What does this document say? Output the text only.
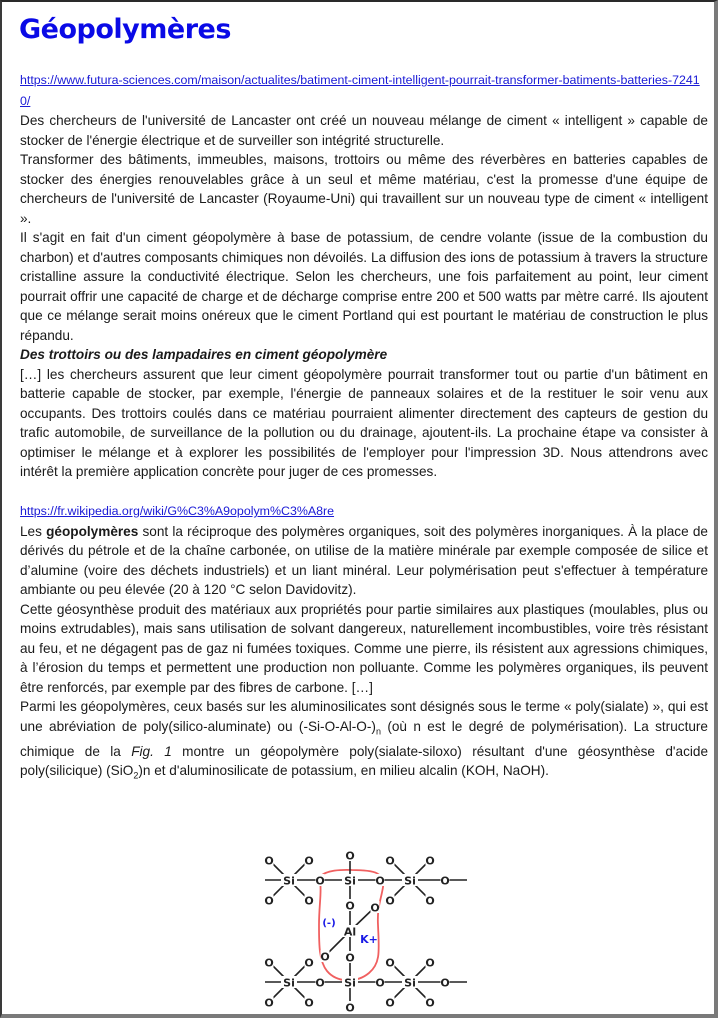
Géopolymères

https://www.futura-sciences.com/maison/actualites/batiment-ciment-intelligent-pourrait-transformer-batiments-batteries-72410/

Des chercheurs de l'université de Lancaster ont créé un nouveau mélange de ciment « intelligent » capable de stocker de l'énergie électrique et de surveiller son intégrité structurelle.

Transformer des bâtiments, immeubles, maisons, trottoirs ou même des réverbères en batteries capables de stocker des énergies renouvelables grâce à un seul et même matériau, c'est la promesse d'une équipe de chercheurs de l'université de Lancaster (Royaume-Uni) qui travaillent sur un nouveau type de ciment « intelligent ».

Il s'agit en fait d'un ciment géopolymère à base de potassium, de cendre volante (issue de la combustion du charbon) et d'autres composants chimiques non dévoilés. La diffusion des ions de potassium à travers la structure cristalline assure la conductivité électrique. Selon les chercheurs, une fois parfaitement au point, leur ciment pourrait offrir une capacité de charge et de décharge comprise entre 200 et 500 watts par mètre carré. Ils ajoutent que ce mélange serait moins onéreux que le ciment Portland qui est pourtant le matériau de construction le plus répandu.

Des trottoirs ou des lampadaires en ciment géopolymère

[…] les chercheurs assurent que leur ciment géopolymère pourrait transformer tout ou partie d'un bâtiment en batterie capable de stocker, par exemple, l'énergie de panneaux solaires et de la restituer le soir venu aux occupants. Des trottoirs coulés dans ce matériau pourraient alimenter directement des capteurs de gestion du trafic automobile, de surveillance de la pollution ou du drainage, ajoutent-ils. La prochaine étape va consister à optimiser le mélange et à explorer les possibilités de l'employer pour l'impression 3D. Nous attendrons avec intérêt la première application concrète pour juger de ces promesses.

https://fr.wikipedia.org/wiki/G%C3%A9opolym%C3%A8re

Les géopolymères sont la réciproque des polymères organiques, soit des polymères inorganiques. À la place de dérivés du pétrole et de la chaîne carbonée, on utilise de la matière minérale par exemple composée de silice et d’alumine (voire des déchets industriels) et un liant minéral. Leur polymérisation peut s'effectuer à température ambiante ou peu élevée (20 à 120 °C selon Davidovitz).

Cette géosynthèse produit des matériaux aux propriétés pour partie similaires aux plastiques (moulables, plus ou moins extrudables), mais sans utilisation de solvant dangereux, naturellement incombustibles, voire très résistant au feu, et ne dégagent pas de gaz ni fumées toxiques. Comme une pierre, ils résistent aux agressions chimiques, à l’érosion du temps et permettent une production non polluante. Comme les polymères organiques, ils peuvent être renforcés, par exemple par des fibres de carbone. […]

Parmi les géopolymères, ceux basés sur les aluminosilicates sont désignés sous le terme « poly(sialate) », qui est une abréviation de poly(silico-aluminate) ou $(-Si-O-Al-O-)_n$ (où n est le degré de polymérisation). La structure chimique de la Fig. 1 montre un géopolymère poly(sialate-siloxo) résultant d'une géosynthèse d'acide poly(silicique) (SiO$_2$)n et d'aluminosilicate de potassium, en milieu alcalin (KOH, NaOH).

Si	Si	Si
O	O	O
O
O
O
O
O
O
O
O
O
O
Si	Si	Si
O	O	O
O
O
O
O
O
O
O
O
O
O
O
O
Al
(-)
K+
